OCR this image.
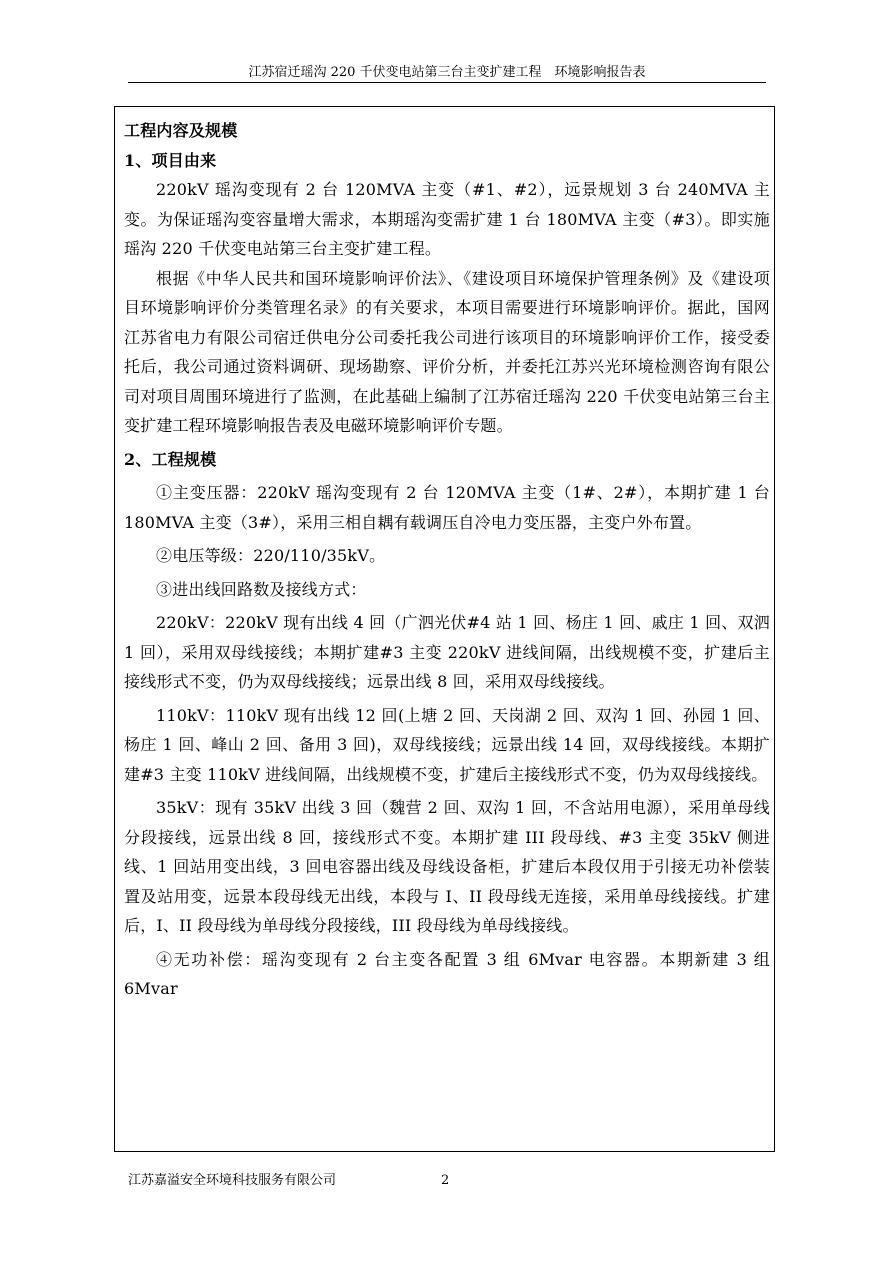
江苏宿迁瑶沟 220 千伏变电站第三台主变扩建工程　环境影响报告表

工程内容及规模

1、项目由来

220kV 瑶沟变现有 2 台 120MVA 主变（#1、#2），远景规划 3 台 240MVA 主变。为保证瑶沟变容量增大需求，本期瑶沟变需扩建 1 台 180MVA 主变（#3）。即实施瑶沟 220 千伏变电站第三台主变扩建工程。

根据《中华人民共和国环境影响评价法》、《建设项目环境保护管理条例》及《建设项目环境影响评价分类管理名录》的有关要求，本项目需要进行环境影响评价。据此，国网江苏省电力有限公司宿迁供电分公司委托我公司进行该项目的环境影响评价工作，接受委托后，我公司通过资料调研、现场勘察、评价分析，并委托江苏兴光环境检测咨询有限公司对项目周围环境进行了监测，在此基础上编制了江苏宿迁瑶沟 220 千伏变电站第三台主变扩建工程环境影响报告表及电磁环境影响评价专题。

2、工程规模

①主变压器：220kV 瑶沟变现有 2 台 120MVA 主变（1#、2#），本期扩建 1 台 180MVA 主变（3#），采用三相自耦有载调压自冷电力变压器，主变户外布置。

②电压等级：220/110/35kV。

③进出线回路数及接线方式：

220kV：220kV 现有出线 4 回（广泗光伏#4 站 1 回、杨庄 1 回、戚庄 1 回、双泗 1 回），采用双母线接线；本期扩建#3 主变 220kV 进线间隔，出线规模不变，扩建后主接线形式不变，仍为双母线接线；远景出线 8 回，采用双母线接线。

110kV：110kV 现有出线 12 回(上塘 2 回、天岗湖 2 回、双沟 1 回、孙园 1 回、杨庄 1 回、峰山 2 回、备用 3 回)，双母线接线；远景出线 14 回，双母线接线。本期扩建#3 主变 110kV 进线间隔，出线规模不变，扩建后主接线形式不变，仍为双母线接线。

35kV：现有 35kV 出线 3 回（魏营 2 回、双沟 1 回，不含站用电源），采用单母线分段接线，远景出线 8 回，接线形式不变。本期扩建 III 段母线、#3 主变 35kV 侧进线、1 回站用变出线，3 回电容器出线及母线设备柜，扩建后本段仅用于引接无功补偿装置及站用变，远景本段母线无出线，本段与 I、II 段母线无连接，采用单母线接线。扩建后，I、II 段母线为单母线分段接线，III 段母线为单母线接线。

④无功补偿：瑶沟变现有 2 台主变各配置 3 组 6Mvar 电容器。本期新建 3 组 6Mvar

江苏嘉溢安全环境科技服务有限公司	2
